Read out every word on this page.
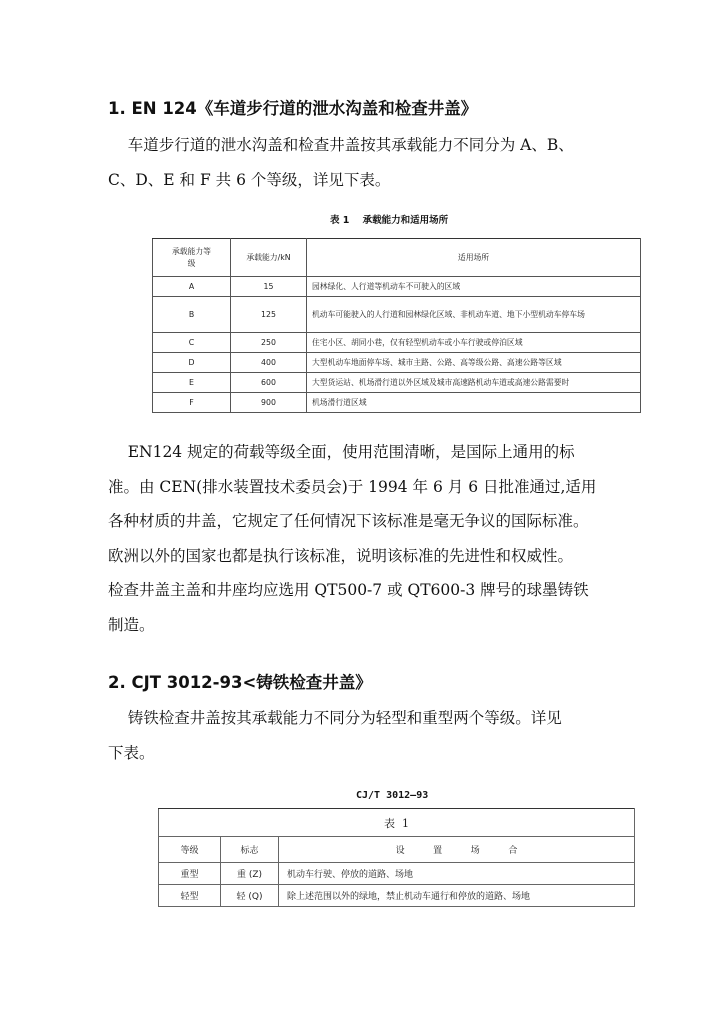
1. EN 124《车道步行道的泄水沟盖和检查井盖》
车道步行道的泄水沟盖和检查井盖按其承载能力不同分为 A、B、
C、D、E 和 F 共 6 个等级，详见下表。
表 1    承载能力和适用场所
承载能力等级	承载能力/kN	适用场所
A	15	园林绿化、人行道等机动车不可驶入的区域
B	125	机动车可能驶入的人行道和园林绿化区域、非机动车道、地下小型机动车停车场
C	250	住宅小区、胡同小巷，仅有轻型机动车或小车行驶或停泊区域
D	400	大型机动车地面停车场、城市主路、公路、高等级公路、高速公路等区域
E	600	大型货运站、机场滑行道以外区域及城市高速路机动车道或高速公路需要时
F	900	机场滑行道区域
EN124 规定的荷载等级全面，使用范围清晰，是国际上通用的标
准。由 CEN(排水装置技术委员会)于 1994 年 6 月 6 日批准通过,适用
各种材质的井盖，它规定了任何情况下该标准是毫无争议的国际标准。
欧洲以外的国家也都是执行该标准，说明该标准的先进性和权威性。
检查井盖主盖和井座均应选用 QT500-7 或 QT600-3 牌号的球墨铸铁
制造。
2. CJT 3012-93<铸铁检查井盖》
铸铁检查井盖按其承载能力不同分为轻型和重型两个等级。详见
下表。
CJ/T 3012—93
表  1		
等级	标志	设          置          场          合
重型	重 (Z)	机动车行驶、停放的道路、场地
轻型	轻 (Q)	除上述范围以外的绿地，禁止机动车通行和停放的道路、场地
